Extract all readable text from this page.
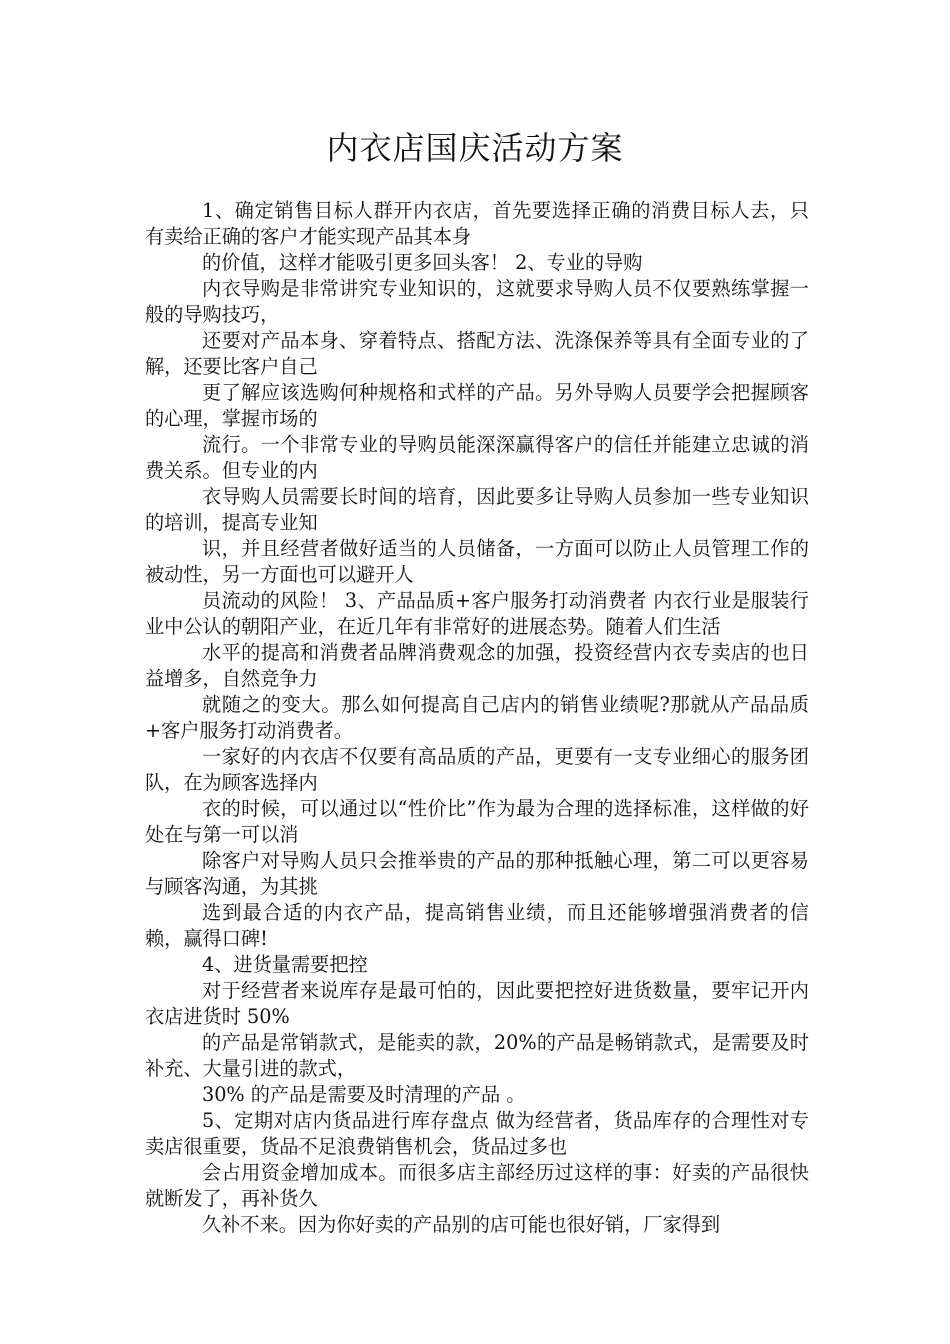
内衣店国庆活动方案

1、确定销售目标人群开内衣店，首先要选择正确的消费目标人去，只有卖给正确的客户才能实现产品其本身

的价值，这样才能吸引更多回头客！ 2、专业的导购

内衣导购是非常讲究专业知识的，这就要求导购人员不仅要熟练掌握一般的导购技巧，

还要对产品本身、穿着特点、搭配方法、洗涤保养等具有全面专业的了解，还要比客户自己

更了解应该选购何种规格和式样的产品。另外导购人员要学会把握顾客的心理，掌握市场的

流行。一个非常专业的导购员能深深赢得客户的信任并能建立忠诚的消费关系。但专业的内

衣导购人员需要长时间的培育，因此要多让导购人员参加一些专业知识的培训，提高专业知

识，并且经营者做好适当的人员储备，一方面可以防止人员管理工作的被动性，另一方面也可以避开人

员流动的风险！ 3、产品品质+客户服务打动消费者 内衣行业是服装行业中公认的朝阳产业，在近几年有非常好的进展态势。随着人们生活

水平的提高和消费者品牌消费观念的加强，投资经营内衣专卖店的也日益增多，自然竞争力

就随之的变大。那么如何提高自己店内的销售业绩呢?那就从产品品质+客户服务打动消费者。

一家好的内衣店不仅要有高品质的产品，更要有一支专业细心的服务团队，在为顾客选择内

衣的时候，可以通过以“性价比”作为最为合理的选择标准，这样做的好处在与第一可以消

除客户对导购人员只会推举贵的产品的那种抵触心理，第二可以更容易与顾客沟通，为其挑

选到最合适的内衣产品，提高销售业绩，而且还能够增强消费者的信赖，赢得口碑!

4、进货量需要把控

对于经营者来说库存是最可怕的，因此要把控好进货数量，要牢记开内衣店进货时 50%

的产品是常销款式，是能卖的款，20%的产品是畅销款式，是需要及时补充、大量引进的款式，

30% 的产品是需要及时清理的产品 。

5、定期对店内货品进行库存盘点 做为经营者，货品库存的合理性对专卖店很重要，货品不足浪费销售机会，货品过多也

会占用资金增加成本。而很多店主部经历过这样的事：好卖的产品很快就断发了，再补货久

久补不来。因为你好卖的产品别的店可能也很好销，厂家得到
